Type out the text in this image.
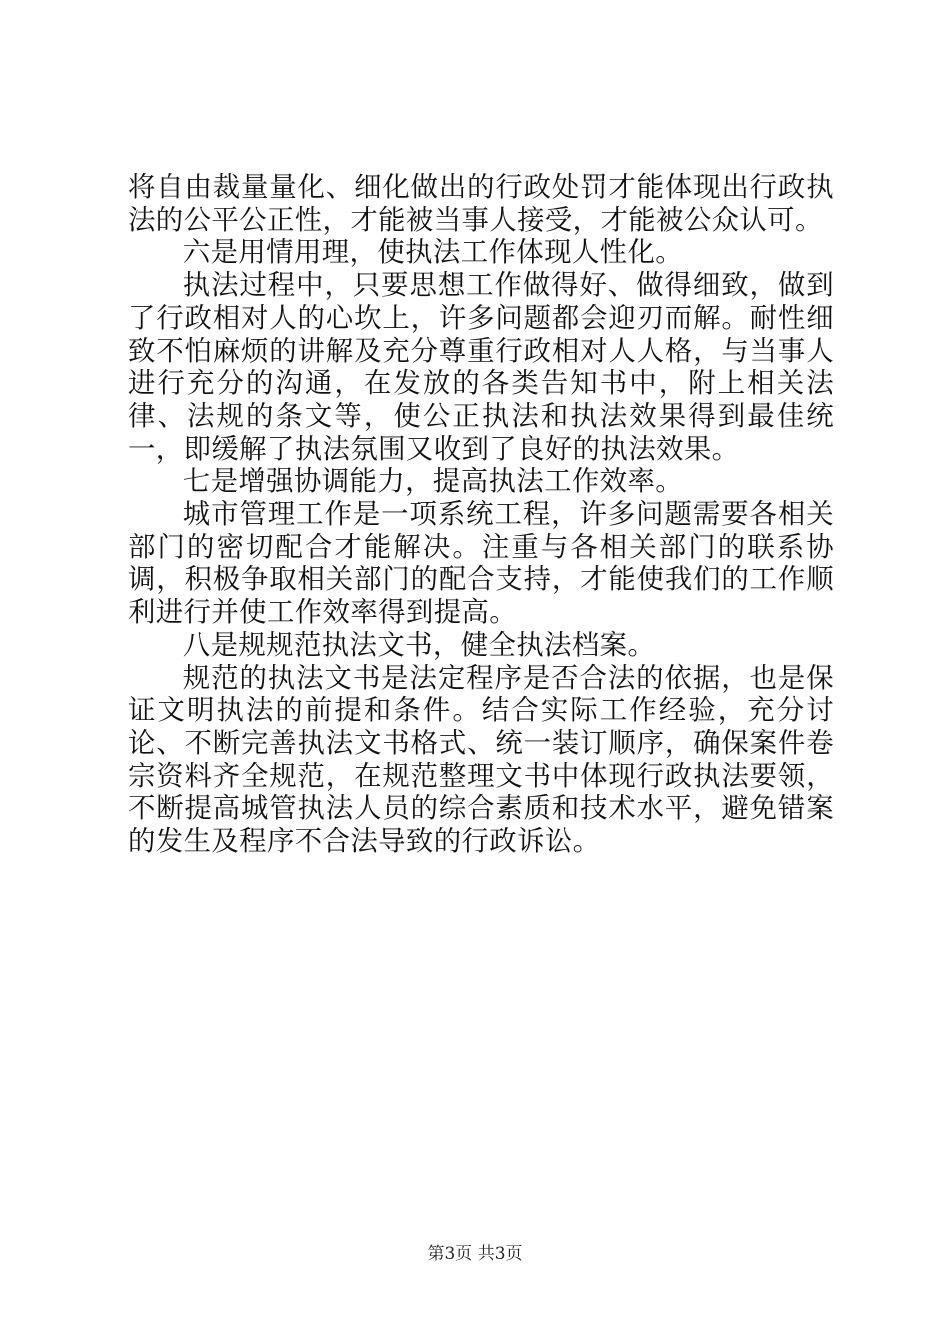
将自由裁量量化、细化做出的行政处罚才能体现出行政执法的公平公正性，才能被当事人接受，才能被公众认可。

六是用情用理，使执法工作体现人性化。

执法过程中，只要思想工作做得好、做得细致，做到了行政相对人的心坎上，许多问题都会迎刃而解。耐性细致不怕麻烦的讲解及充分尊重行政相对人人格，与当事人进行充分的沟通，在发放的各类告知书中，附上相关法律、法规的条文等，使公正执法和执法效果得到最佳统一，即缓解了执法氛围又收到了良好的执法效果。

七是增强协调能力，提高执法工作效率。

城市管理工作是一项系统工程，许多问题需要各相关部门的密切配合才能解决。注重与各相关部门的联系协调，积极争取相关部门的配合支持，才能使我们的工作顺利进行并使工作效率得到提高。

八是规规范执法文书，健全执法档案。

规范的执法文书是法定程序是否合法的依据，也是保证文明执法的前提和条件。结合实际工作经验，充分讨论、不断完善执法文书格式、统一装订顺序，确保案件卷宗资料齐全规范，在规范整理文书中体现行政执法要领，不断提高城管执法人员的综合素质和技术水平，避免错案的发生及程序不合法导致的行政诉讼。

第3页 共3页
